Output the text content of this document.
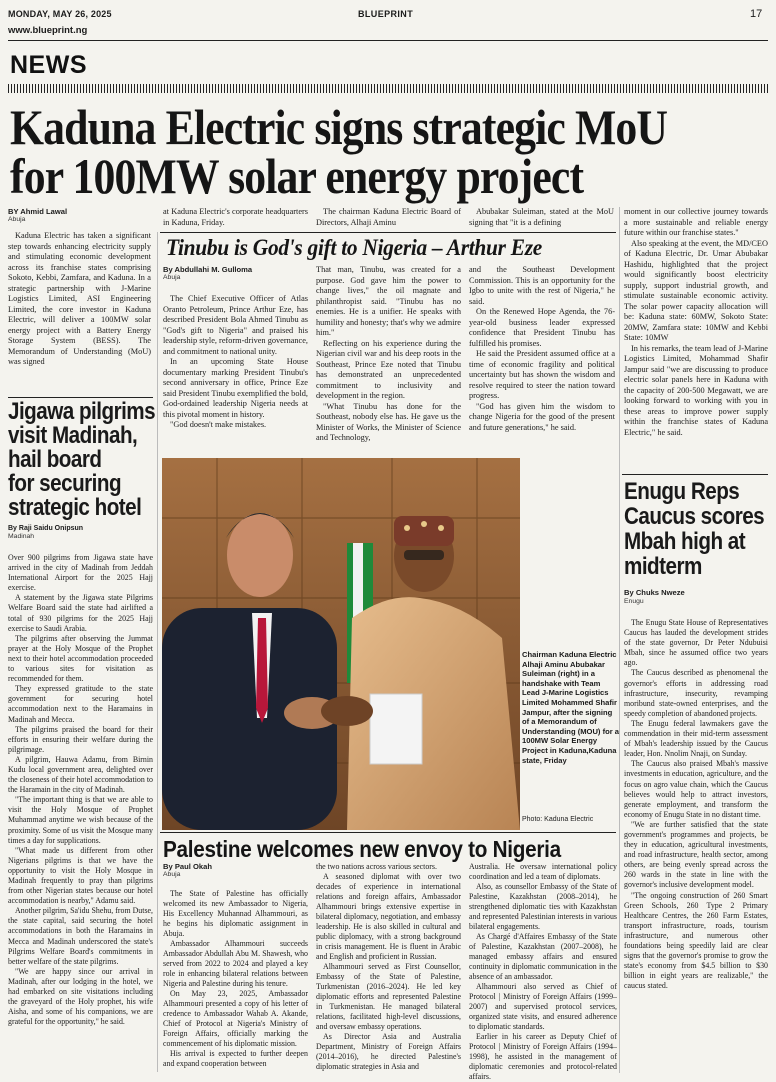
MONDAY, MAY 26, 2025
www.blueprint.ng
BLUEPRINT	17
NEWS
Kaduna Electric signs strategic MoU
for 100MW solar energy project
BY Ahmid Lawal
Abuja

Kaduna Electric has taken a significant step towards enhancing electricity supply and stimulating economic development across its franchise states comprising Sokoto, Kebbi, Zamfara, and Kaduna. In a strategic partnership with J-Marine Logistics Limited, ASI Engineering Limited, the core investor in Kaduna Electric, will deliver a 100MW solar energy project with a Battery Energy Storage System (BESS). The Memorandum of Understanding (MoU) was signed

at Kaduna Electric's corporate headquarters in Kaduna, Friday.

The chairman Kaduna Electric Board of Directors, Alhaji Aminu

Abubakar Suleiman, stated at the MoU signing that "it is a defining

moment in our collective journey towards a more sustainable and reliable energy future within our franchise states."

Also speaking at the event, the MD/CEO of Kaduna Electric, Dr. Umar Abubakar Hashidu, highlighted that the project would significantly boost electricity supply, support industrial growth, and stimulate sustainable economic activity. The solar power capacity allocation will be: Kaduna state: 60MW, Sokoto State: 20MW, Zamfara state: 10MW and Kebbi State: 10MW

In his remarks, the team lead of J-Marine Logistics Limited, Mohammad Shafir Jampur said "we are discussing to produce electric solar panels here in Kaduna with the capacity of 200-500 Megawatt, we are looking forward to working with you in these areas to improve power supply within the franchise states of Kaduna Electric," he said.

Tinubu is God's gift to Nigeria – Arthur Eze
By Abdullahi M. Gulloma
Abuja

The Chief Executive Officer of Atlas Oranto Petroleum, Prince Arthur Eze, has described President Bola Ahmed Tinubu as "God's gift to Nigeria" and praised his leadership style, reform-driven governance, and commitment to national unity.

In an upcoming State House documentary marking President Tinubu's second anniversary in office, Prince Eze said President Tinubu exemplified the bold, God-ordained leadership Nigeria needs at this pivotal moment in history.

"God doesn't make mistakes.

That man, Tinubu, was created for a purpose. God gave him the power to change lives," the oil magnate and philanthropist said. "Tinubu has no enemies. He is a unifier. He speaks with humility and honesty; that's why we admire him."

Reflecting on his experience during the Nigerian civil war and his deep roots in the Southeast, Prince Eze noted that Tinubu has demonstrated an unprecedented commitment to inclusivity and development in the region.

"What Tinubu has done for the Southeast, nobody else has. He gave us the Minister of Works, the Minister of Science and Technology,

and the Southeast Development Commission. This is an opportunity for the Igbo to unite with the rest of Nigeria," he said.

On the Renewed Hope Agenda, the 76-year-old business leader expressed confidence that President Tinubu has fulfilled his promises.

He said the President assumed office at a time of economic fragility and political uncertainty but has shown the wisdom and resolve required to steer the nation toward progress.

"God has given him the wisdom to change Nigeria for the good of the present and future generations," he said.

Jigawa pilgrims
visit Madinah,
hail board
for securing
strategic hotel
By Raji Saidu Onipsun
Madinah

Over 900 pilgrims from Jigawa state have arrived in the city of Madinah from Jeddah International Airport for the 2025 Hajj exercise.

A statement by the Jigawa state Pilgrims Welfare Board said the state had airlifted a total of 930 pilgrims for the 2025 Hajj exercise to Saudi Arabia.

The pilgrims after observing the Jummat prayer at the Holy Mosque of the Prophet next to their hotel accommodation proceeded to various sites for visitation as recommended for them.

They expressed gratitude to the state government for securing hotel accommodation next to the Haramains in Madinah and Mecca.

The pilgrims praised the board for their efforts in ensuring their welfare during the pilgrimage.

A pilgrim, Hauwa Adamu, from Birnin Kudu local government area, delighted over the closeness of their hotel accommodation to the Haramain in the city of Madinah.

"The important thing is that we are able to visit the Holy Mosque of Prophet Muhammad anytime we wish because of the proximity. Some of us visit the Mosque many times a day for supplications.

"What made us different from other Nigerians pilgrims is that we have the opportunity to visit the Holy Mosque in Madinah frequently to pray than pilgrims from other Nigerian states because our hotel accommodation is nearby," Adamu said.

Another pilgrim, Sa'idu Shehu, from Dutse, the state capital, said securing the hotel accommodations in both the Haramains in Mecca and Madinah underscored the state's Pilgrims Welfare Board's commitments in better welfare of the state pilgrims.

"We are happy since our arrival in Madinah, after our lodging in the hotel, we had embarked on site visitations including the graveyard of the Holy prophet, his wife Aisha, and some of his companions, we are grateful for the opportunity," he said.

Chairman Kaduna Electric Alhaji Aminu Abubakar Suleiman (right) in a handshake with Team Lead J-Marine Logistics Limited Mohammed Shafir Jampur, after the signing of a Memorandum of Understanding (MOU) for a 100MW Solar Energy Project in Kaduna,Kaduna state, Friday
Photo: Kaduna Electric
Enugu Reps
Caucus scores
Mbah high at
midterm
By Chuks Nweze
Enugu

The Enugu State House of Representatives Caucus has lauded the development strides of the state governor, Dr Peter Ndubuisi Mbah, since he assumed office two years ago.

The Caucus described as phenomenal the governor's efforts in addressing road infrastructure, insecurity, revamping moribund state-owned enterprises, and the speedy completion of abandoned projects.

The Enugu federal lawmakers gave the commendation in their mid-term assessment of Mbah's leadership issued by the Caucus leader, Hon. Nnolim Nnaji, on Sunday.

The Caucus also praised Mbah's massive investments in education, agriculture, and the focus on agro value chain, which the Caucus believes would help to attract investors, generate employment, and transform the economy of Enugu State in no distant time.

"We are further satisfied that the state government's programmes and projects, be they in education, agricultural investments, and road infrastructure, health sector, among others, are being evenly spread across the 260 wards in the state in line with the governor's inclusive development model.

"The ongoing construction of 260 Smart Green Schools, 260 Type 2 Primary Healthcare Centres, the 260 Farm Estates, transport infrastructure, roads, tourism infrastructure, and numerous other foundations being speedily laid are clear signs that the governor's promise to grow the state's economy from $4.5 billion to $30 billion in eight years are realizable," the caucus stated.

Palestine welcomes new envoy to Nigeria
By Paul Okah
Abuja

The State of Palestine has officially welcomed its new Ambassador to Nigeria, His Excellency Muhannad Alhammouri, as he begins his diplomatic assignment in Abuja.

Ambassador Alhammouri succeeds Ambassador Abdullah Abu M. Shawesh, who served from 2022 to 2024 and played a key role in enhancing bilateral relations between Nigeria and Palestine during his tenure.

On May 23, 2025, Ambassador Alhammouri presented a copy of his letter of credence to Ambassador Wahab A. Akande, Chief of Protocol at Nigeria's Ministry of Foreign Affairs, officially marking the commencement of his diplomatic mission.

His arrival is expected to further deepen and expand cooperation between

the two nations across various sectors.

A seasoned diplomat with over two decades of experience in international relations and foreign affairs, Ambassador Alhammouri brings extensive expertise in bilateral diplomacy, negotiation, and embassy leadership. He is also skilled in cultural and public diplomacy, with a strong background in crisis management. He is fluent in Arabic and English and proficient in Russian.

Alhammouri served as First Counsellor, Embassy of the State of Palestine, Turkmenistan (2016–2024). He led key diplomatic efforts and represented Palestine in Turkmenistan. He managed bilateral relations, facilitated high-level discussions, and oversaw embassy operations.

As Director Asia and Australia Department, Ministry of Foreign Affairs (2014–2016), he directed Palestine's diplomatic strategies in Asia and

Australia. He oversaw international policy coordination and led a team of diplomats.

Also, as counsellor Embassy of the State of Palestine, Kazakhstan (2008–2014), he strengthened diplomatic ties with Kazakhstan and represented Palestinian interests in various bilateral engagements.

As Chargé d'Affaires Embassy of the State of Palestine, Kazakhstan (2007–2008), he managed embassy affairs and ensured continuity in diplomatic communication in the absence of an ambassador.

Alhammouri also served as Chief of Protocol | Ministry of Foreign Affairs (1999–2007) and supervised protocol services, organized state visits, and ensured adherence to diplomatic standards.

Earlier in his career as Deputy Chief of Protocol | Ministry of Foreign Affairs (1994–1998), he assisted in the management of diplomatic ceremonies and protocol-related affairs.
